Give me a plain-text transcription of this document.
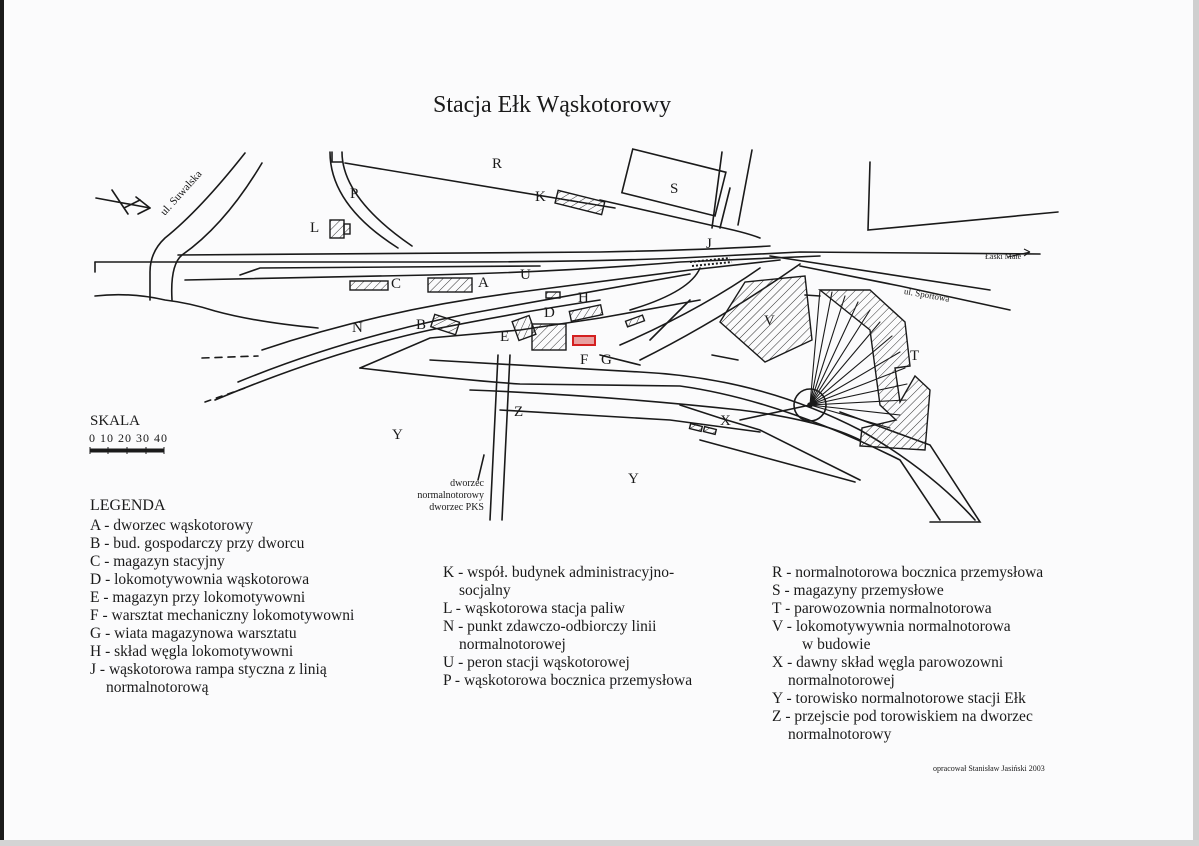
Stacja Ełk Wąskotorowy
P
R
K	S
L
J
A
C
U
H
N	B
D
E
F G
V
T
X
Z
Y
Y
ul. Suwalska
ul. Sportowa
Łaski Małe
dworzec
normalnotorowy
dworzec PKS
SKALA
0 10 20 30 40
LEGENDA
A - dworzec wąskotorowy
B - bud. gospodarczy przy dworcu
C - magazyn stacyjny
D - lokomotywownia wąskotorowa
E - magazyn przy lokomotywowni
F - warsztat mechaniczny lokomotywowni
G - wiata magazynowa warsztatu
H - skład węgla lokomotywowni
J - wąskotorowa rampa styczna z linią
normalnotorową
K - współ. budynek administracyjno-
socjalny
L - wąskotorowa stacja paliw
N - punkt zdawczo-odbiorczy linii
normalnotorowej
U - peron stacji wąskotorowej
P - wąskotorowa bocznica przemysłowa
R - normalnotorowa bocznica przemysłowa
S - magazyny przemysłowe
T - parowozownia normalnotorowa
V - lokomotywywnia normalnotorowa
w budowie
X - dawny skład węgla parowozowni
normalnotorowej
Y - torowisko normalnotorowe stacji Ełk
Z - przejscie pod torowiskiem na dworzec
normalnotorowy
opracował Stanisław Jasiński 2003
